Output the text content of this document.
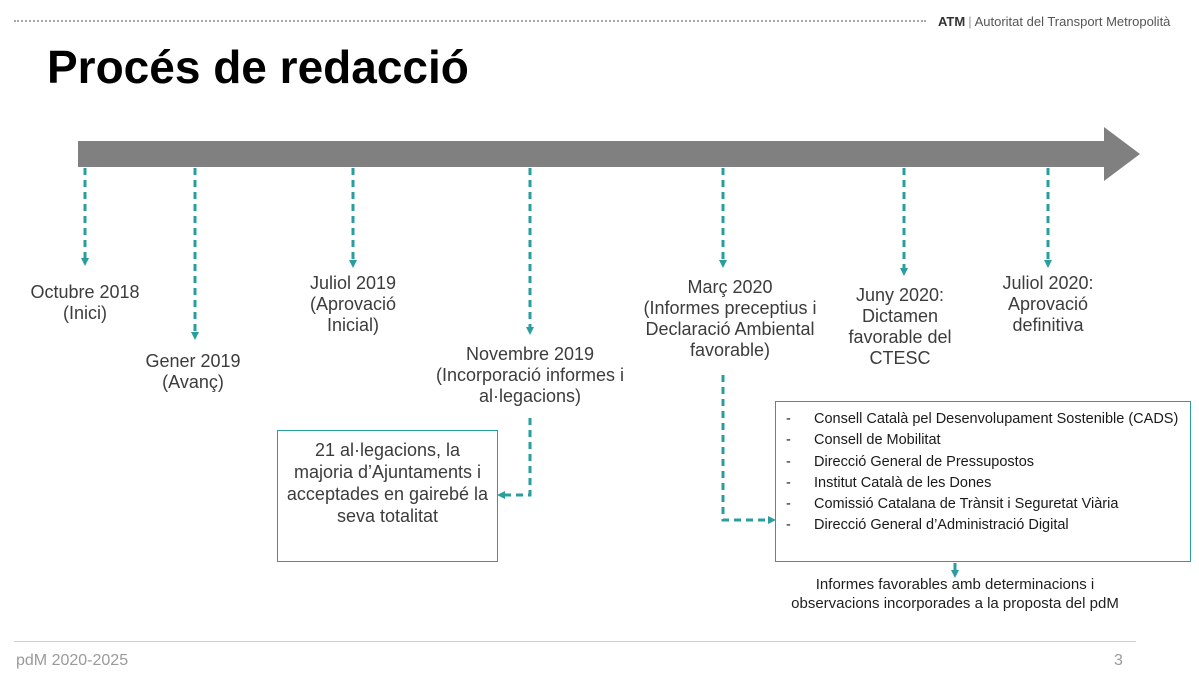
ATM | Autoritat del Transport Metropolità
Procés de redacció
Octubre 2018
(Inici)
Gener 2019
(Avanç)
Juliol 2019
(Aprovació Inicial)
Novembre 2019
(Incorporació informes i al·legacions)
Març 2020
(Informes preceptius i Declaració Ambiental favorable)
Juny 2020:
Dictamen favorable del CTESC
Juliol 2020:
Aprovació definitiva
21 al·legacions, la majoria d’Ajuntaments i acceptades en gairebé la seva totalitat
- Consell Català pel Desenvolupament Sostenible (CADS)
- Consell de Mobilitat
- Direcció General de Pressupostos
- Institut Català de les Dones
- Comissió Catalana de Trànsit i Seguretat Viària
- Direcció General d’Administració Digital
Informes favorables amb determinacions i observacions incorporades a la proposta del pdM
pdM 2020-2025	3
